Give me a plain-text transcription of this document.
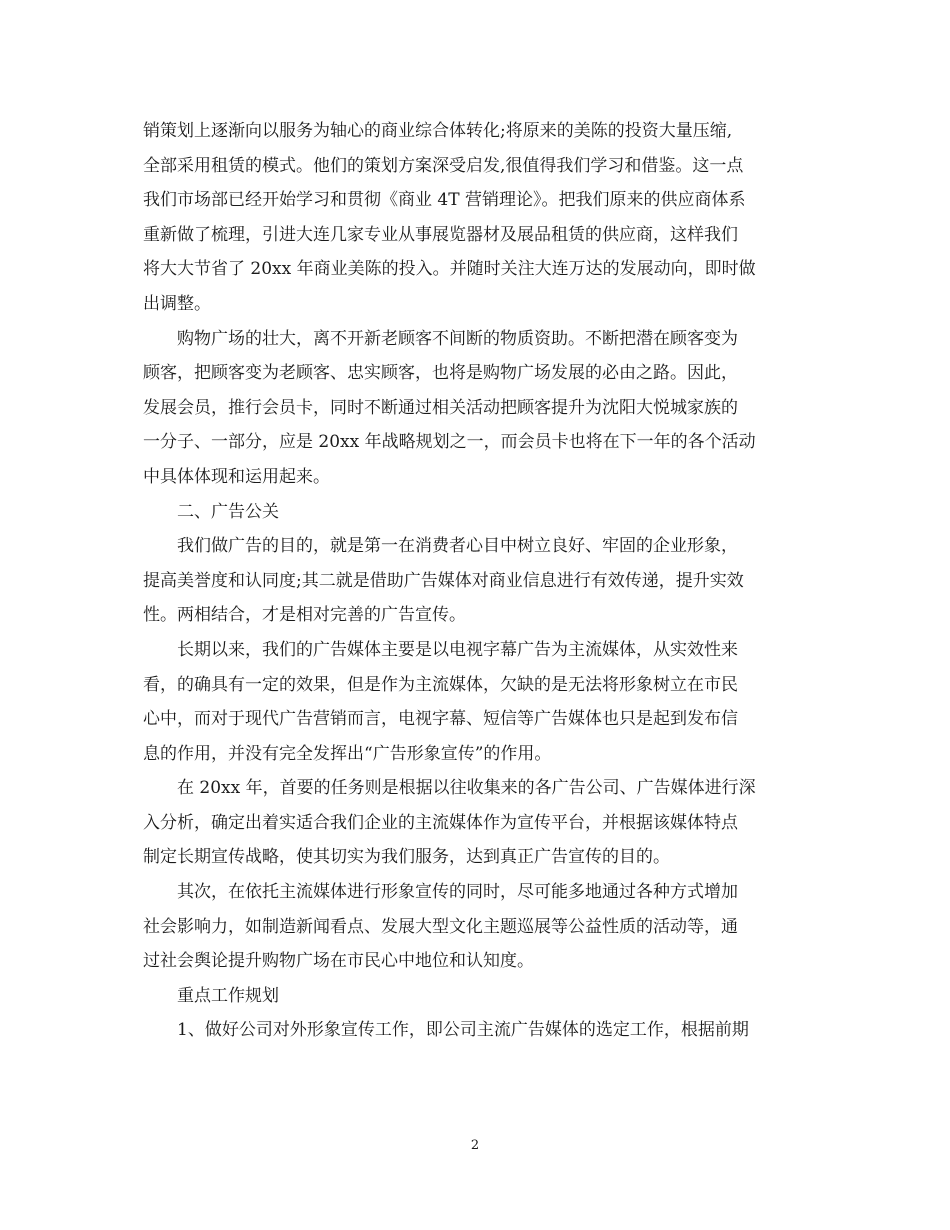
销策划上逐渐向以服务为轴心的商业综合体转化;将原来的美陈的投资大量压缩,
全部采用租赁的模式。他们的策划方案深受启发,很值得我们学习和借鉴。这一点
我们市场部已经开始学习和贯彻《商业 4T 营销理论》。把我们原来的供应商体系
重新做了梳理，引进大连几家专业从事展览器材及展品租赁的供应商，这样我们
将大大节省了 20xx 年商业美陈的投入。并随时关注大连万达的发展动向，即时做
出调整。
购物广场的壮大，离不开新老顾客不间断的物质资助。不断把潜在顾客变为
顾客，把顾客变为老顾客、忠实顾客，也将是购物广场发展的必由之路。因此，
发展会员，推行会员卡，同时不断通过相关活动把顾客提升为沈阳大悦城家族的
一分子、一部分，应是 20xx 年战略规划之一，而会员卡也将在下一年的各个活动
中具体体现和运用起来。
二、广告公关
我们做广告的目的，就是第一在消费者心目中树立良好、牢固的企业形象，
提高美誉度和认同度;其二就是借助广告媒体对商业信息进行有效传递，提升实效
性。两相结合，才是相对完善的广告宣传。
长期以来，我们的广告媒体主要是以电视字幕广告为主流媒体，从实效性来
看，的确具有一定的效果，但是作为主流媒体，欠缺的是无法将形象树立在市民
心中，而对于现代广告营销而言，电视字幕、短信等广告媒体也只是起到发布信
息的作用，并没有完全发挥出“广告形象宣传”的作用。
在 20xx 年，首要的任务则是根据以往收集来的各广告公司、广告媒体进行深
入分析，确定出着实适合我们企业的主流媒体作为宣传平台，并根据该媒体特点
制定长期宣传战略，使其切实为我们服务，达到真正广告宣传的目的。
其次，在依托主流媒体进行形象宣传的同时，尽可能多地通过各种方式增加
社会影响力，如制造新闻看点、发展大型文化主题巡展等公益性质的活动等，通
过社会舆论提升购物广场在市民心中地位和认知度。
重点工作规划
1、做好公司对外形象宣传工作，即公司主流广告媒体的选定工作，根据前期
2
